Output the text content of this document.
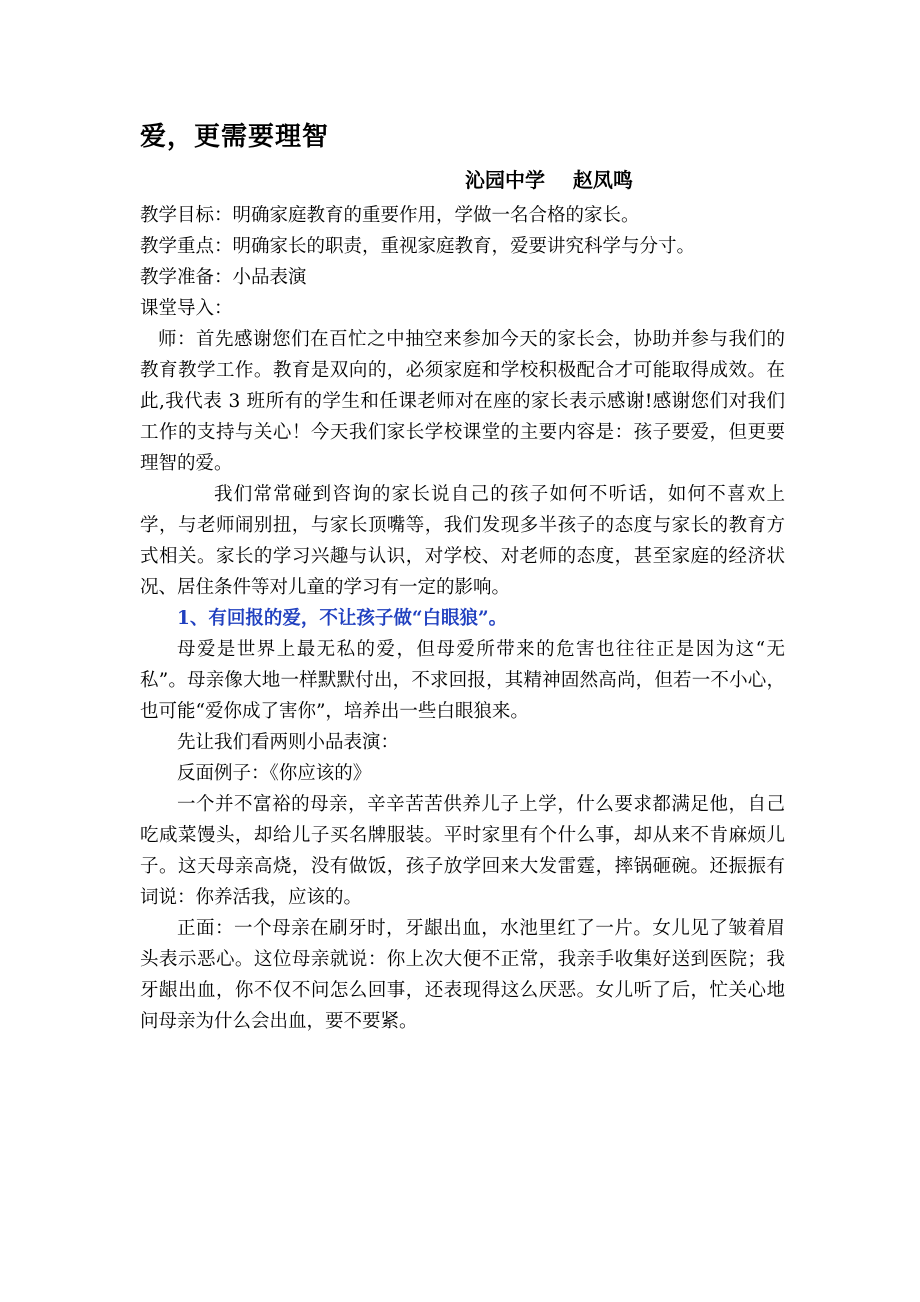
爱，更需要理智
沁园中学    赵凤鸣
教学目标：明确家庭教育的重要作用，学做一名合格的家长。
教学重点：明确家长的职责，重视家庭教育，爱要讲究科学与分寸。
教学准备：小品表演
课堂导入：
师：首先感谢您们在百忙之中抽空来参加今天的家长会，协助并参与我们的教育教学工作。教育是双向的，必须家庭和学校积极配合才可能取得成效。在此,我代表 3 班所有的学生和任课老师对在座的家长表示感谢!感谢您们对我们工作的支持与关心！今天我们家长学校课堂的主要内容是：孩子要爱，但更要理智的爱。
我们常常碰到咨询的家长说自己的孩子如何不听话，如何不喜欢上学，与老师闹别扭，与家长顶嘴等，我们发现多半孩子的态度与家长的教育方式相关。家长的学习兴趣与认识，对学校、对老师的态度，甚至家庭的经济状况、居住条件等对儿童的学习有一定的影响。
1、有回报的爱，不让孩子做“白眼狼”。
母爱是世界上最无私的爱，但母爱所带来的危害也往往正是因为这“无私”。母亲像大地一样默默付出，不求回报，其精神固然高尚，但若一不小心，也可能“爱你成了害你”，培养出一些白眼狼来。
先让我们看两则小品表演：
反面例子：《你应该的》
一个并不富裕的母亲，辛辛苦苦供养儿子上学，什么要求都满足他，自己吃咸菜馒头，却给儿子买名牌服装。平时家里有个什么事，却从来不肯麻烦儿子。这天母亲高烧，没有做饭，孩子放学回来大发雷霆，摔锅砸碗。还振振有词说：你养活我，应该的。
正面：一个母亲在刷牙时，牙龈出血，水池里红了一片。女儿见了皱着眉头表示恶心。这位母亲就说：你上次大便不正常，我亲手收集好送到医院；我牙龈出血，你不仅不问怎么回事，还表现得这么厌恶。女儿听了后，忙关心地问母亲为什么会出血，要不要紧。
